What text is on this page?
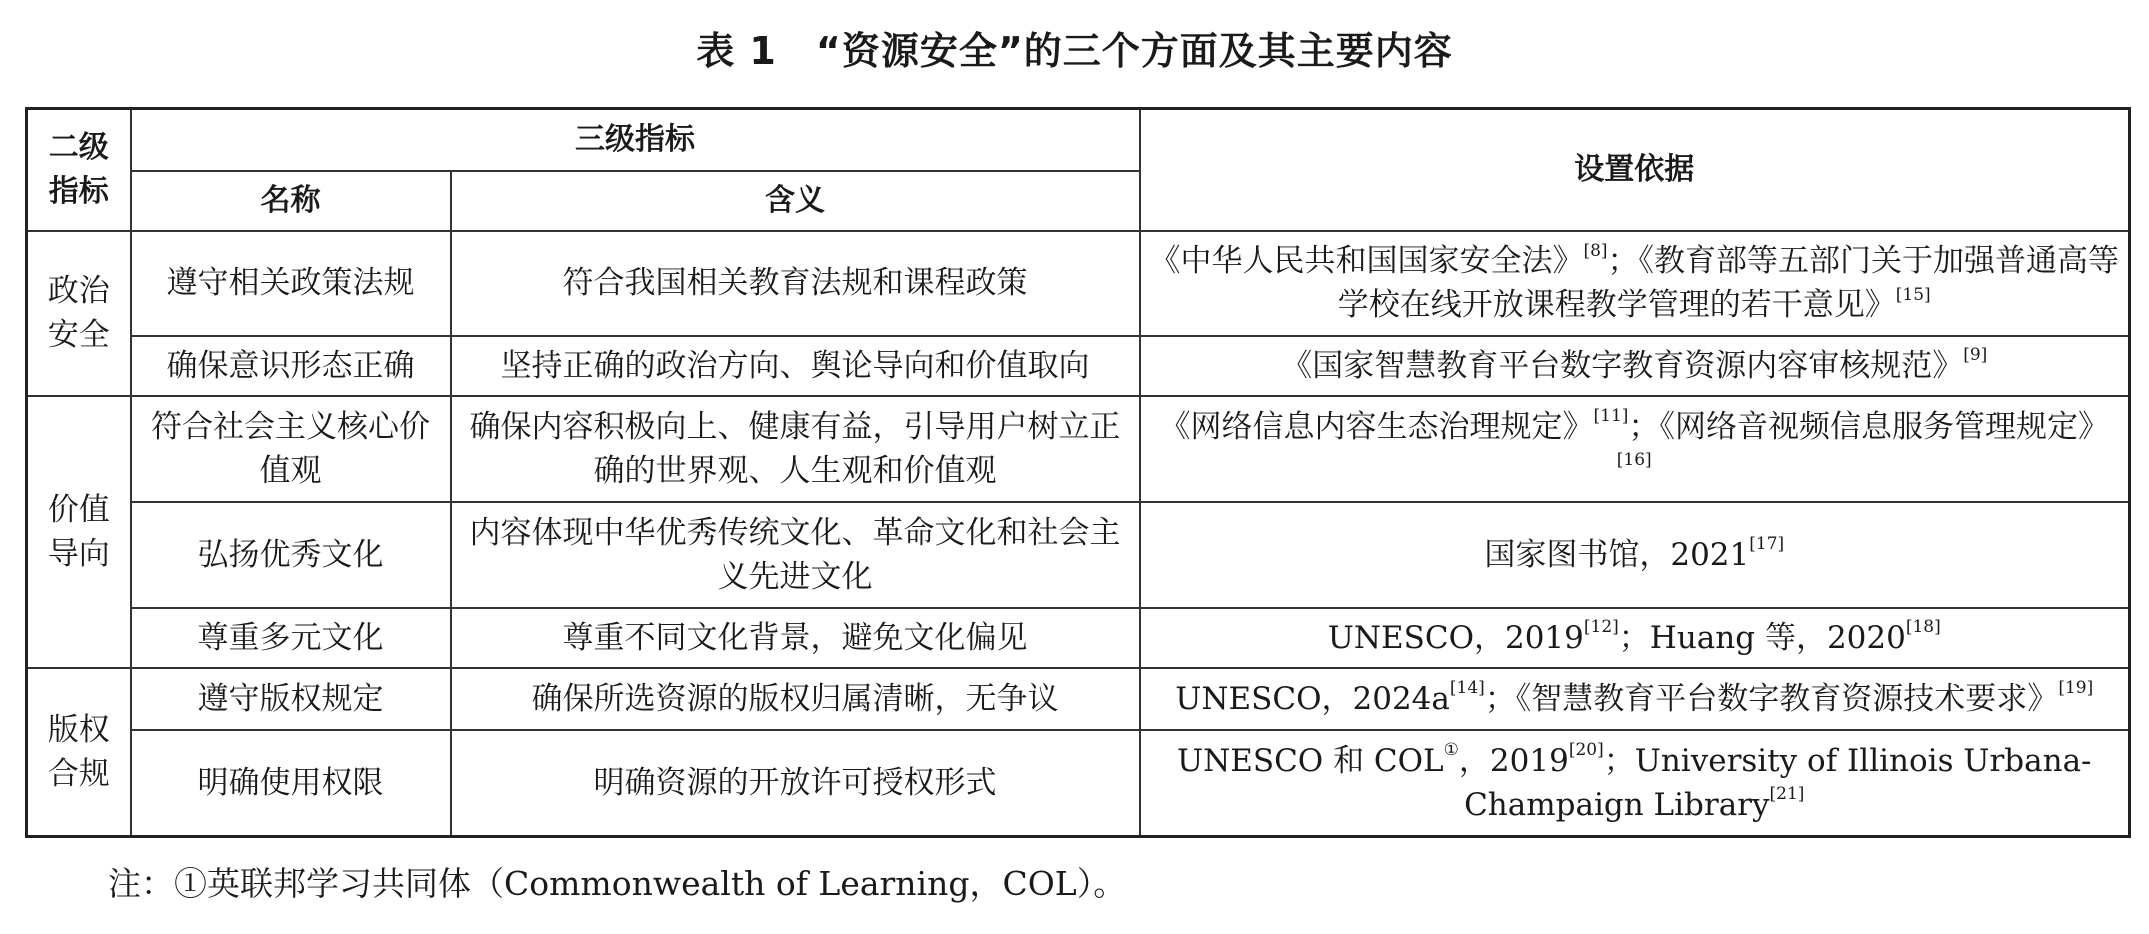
表 1　“资源安全”的三个方面及其主要内容
二级指标	三级指标		设置依据
	名称	含义	
政治安全	遵守相关政策法规	符合我国相关教育法规和课程政策	《中华人民共和国国家安全法》[8]；《教育部等五部门关于加强普通高等学校在线开放课程教学管理的若干意见》[15]
	确保意识形态正确	坚持正确的政治方向、舆论导向和价值取向	《国家智慧教育平台数字教育资源内容审核规范》[9]
价值导向	符合社会主义核心价值观	确保内容积极向上、健康有益，引导用户树立正确的世界观、人生观和价值观	《网络信息内容生态治理规定》[11]；《网络音视频信息服务管理规定》[16]
	弘扬优秀文化	内容体现中华优秀传统文化、革命文化和社会主义先进文化	国家图书馆，2021[17]
	尊重多元文化	尊重不同文化背景，避免文化偏见	UNESCO，2019[12]；Huang 等，2020[18]
版权合规	遵守版权规定	确保所选资源的版权归属清晰，无争议	UNESCO，2024a[14]；《智慧教育平台数字教育资源技术要求》[19]
	明确使用权限	明确资源的开放许可授权形式	UNESCO 和 COL①，2019[20]；University of Illinois Urbana-Champaign Library[21]
注：①英联邦学习共同体（Commonwealth of Learning，COL）。
